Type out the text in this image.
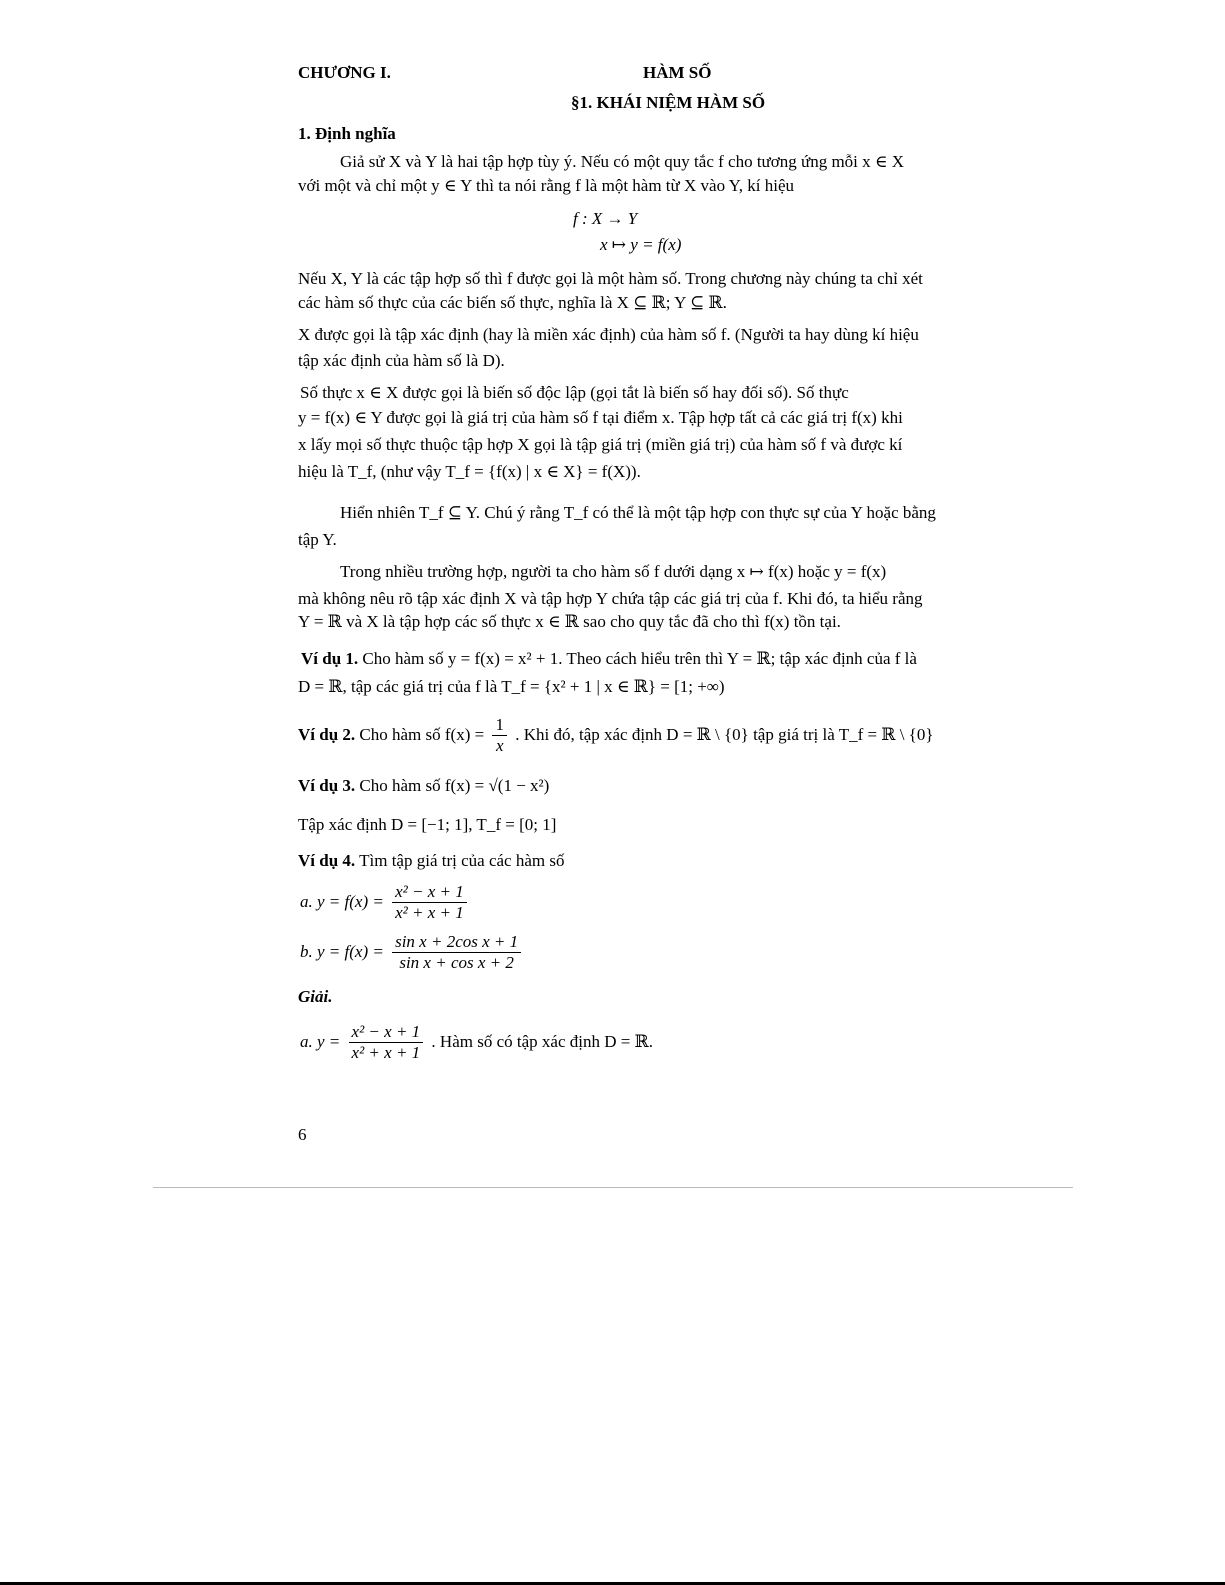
CHƯƠNG I.	HÀM SỐ
§1. KHÁI NIỆM HÀM SỐ
1. Định nghĩa
Giả sử X và Y là hai tập hợp tùy ý. Nếu có một quy tắc f cho tương ứng mỗi x ∈ X
với một và chỉ một y ∈ Y thì ta nói rằng f là một hàm từ X vào Y, kí hiệu
f : X → Y
x ↦ y = f(x)
Nếu X, Y là các tập hợp số thì f được gọi là một hàm số. Trong chương này chúng ta chỉ xét
các hàm số thực của các biến số thực, nghĩa là X ⊆ ℝ; Y ⊆ ℝ.
X được gọi là tập xác định (hay là miền xác định) của hàm số f. (Người ta hay dùng kí hiệu
tập xác định của hàm số là D).
Số thực x ∈ X được gọi là biến số độc lập (gọi tắt là biến số hay đối số). Số thực
y = f(x) ∈ Y được gọi là giá trị của hàm số f tại điểm x. Tập hợp tất cả các giá trị f(x) khi
x lấy mọi số thực thuộc tập hợp X gọi là tập giá trị (miền giá trị) của hàm số f và được kí
hiệu là T_f, (như vậy T_f = {f(x) | x ∈ X} = f(X)).
Hiển nhiên T_f ⊆ Y. Chú ý rằng T_f có thể là một tập hợp con thực sự của Y hoặc bằng
tập Y.
Trong nhiều trường hợp, người ta cho hàm số f dưới dạng x ↦ f(x) hoặc y = f(x)
mà không nêu rõ tập xác định X và tập hợp Y chứa tập các giá trị của f. Khi đó, ta hiểu rằng
Y = ℝ và X là tập hợp các số thực x ∈ ℝ sao cho quy tắc đã cho thì f(x) tồn tại.
Ví dụ 1. Cho hàm số y = f(x) = x² + 1. Theo cách hiểu trên thì Y = ℝ; tập xác định của f là
D = ℝ, tập các giá trị của f là T_f = {x² + 1 | x ∈ ℝ} = [1; +∞)
Ví dụ 2. Cho hàm số $f(x) = \frac{1}{x}$ . Khi đó, tập xác định D = ℝ \ {0} tập giá trị là T_f = ℝ \ {0}
Ví dụ 3. Cho hàm số f(x) = √(1 − x²)
Tập xác định D = [−1; 1], T_f = [0; 1]
Ví dụ 4. Tìm tập giá trị của các hàm số
a. $y = f(x) = \frac{\text{x² − x + 1}}{\text{x² + x + 1}}$
b. $y = f(x) = \frac{\text{sin x + 2cos x + 1}}{\text{sin x + cos x + 2}}$
Giải.
a. $y = \frac{\text{x² − x + 1}}{\text{x² + x + 1}}$ . Hàm số có tập xác định D = ℝ.
6
